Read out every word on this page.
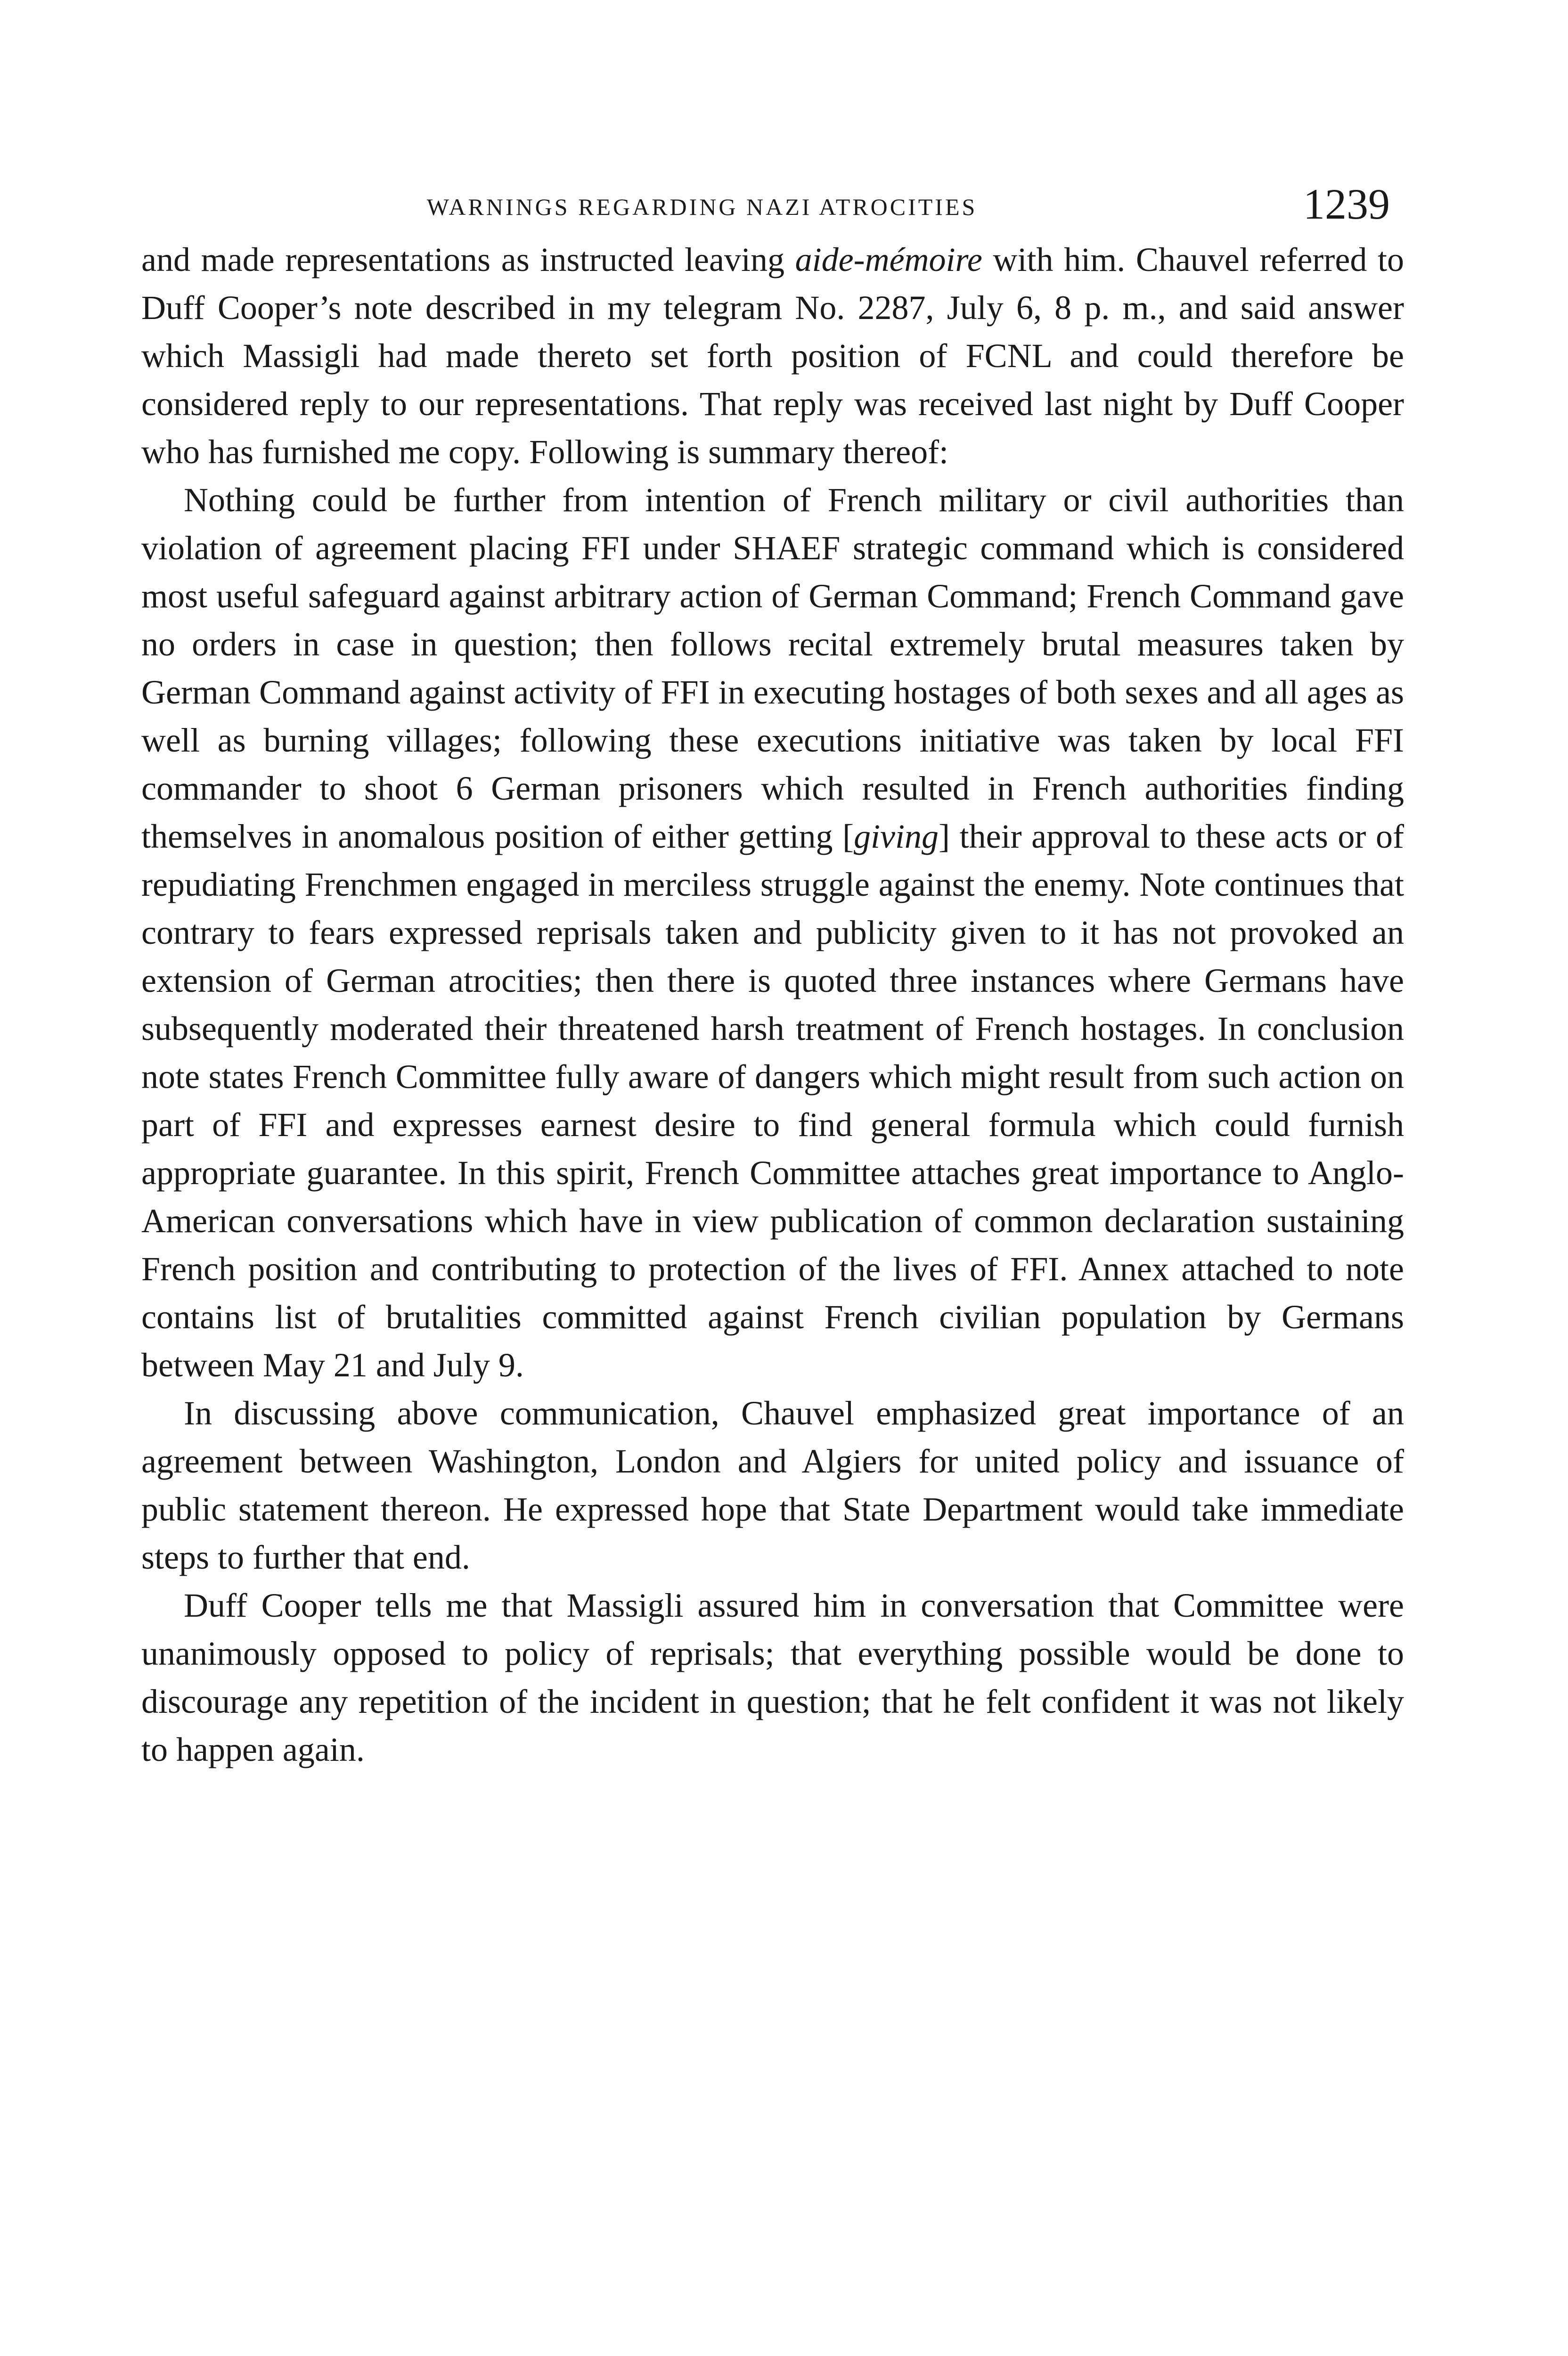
WARNINGS REGARDING NAZI ATROCITIES	1239

and made representations as instructed leaving aide-mémoire with him. Chauvel referred to Duff Cooper’s note described in my telegram No. 2287, July 6, 8 p. m., and said answer which Massigli had made thereto set forth position of FCNL and could therefore be considered reply to our representations. That reply was received last night by Duff Cooper who has furnished me copy. Following is summary thereof:

Nothing could be further from intention of French military or civil authorities than violation of agreement placing FFI under SHAEF strategic command which is considered most useful safeguard against arbitrary action of German Command; French Command gave no orders in case in question; then follows recital extremely brutal measures taken by German Command against activity of FFI in executing hostages of both sexes and all ages as well as burning villages; following these executions initiative was taken by local FFI commander to shoot 6 German prisoners which resulted in French authorities finding themselves in anomalous position of either getting [giving] their approval to these acts or of repudiating Frenchmen engaged in merciless struggle against the enemy. Note continues that contrary to fears expressed reprisals taken and publicity given to it has not provoked an extension of German atrocities; then there is quoted three instances where Germans have subsequently moderated their threatened harsh treatment of French hostages. In conclusion note states French Committee fully aware of dangers which might result from such action on part of FFI and expresses earnest desire to find general formula which could furnish appropriate guarantee. In this spirit, French Committee attaches great importance to Anglo-American conversations which have in view publication of common declaration sustaining French position and contributing to protection of the lives of FFI. Annex attached to note contains list of brutalities committed against French civilian population by Germans between May 21 and July 9.

In discussing above communication, Chauvel emphasized great importance of an agreement between Washington, London and Algiers for united policy and issuance of public statement thereon. He expressed hope that State Department would take immediate steps to further that end.

Duff Cooper tells me that Massigli assured him in conversation that Committee were unanimously opposed to policy of reprisals; that everything possible would be done to discourage any repetition of the incident in question; that he felt confident it was not likely to happen again.
